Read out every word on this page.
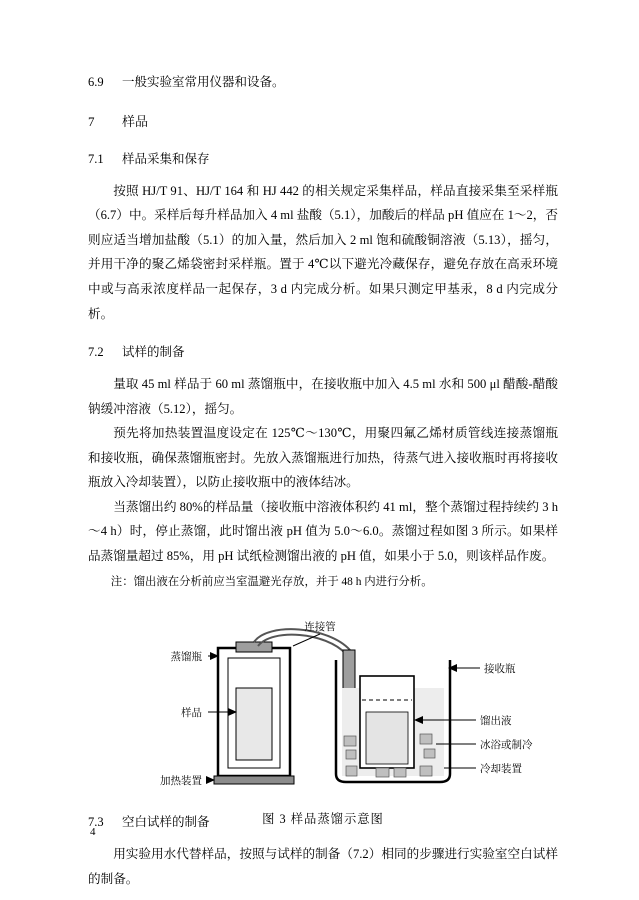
6.9 一般实验室常用仪器和设备。
7 样品
7.1 样品采集和保存

按照 HJ/T 91、HJ/T 164 和 HJ 442 的相关规定采集样品，样品直接采集至采样瓶（6.7）中。采样后每升样品加入 4 ml 盐酸（5.1），加酸后的样品 pH 值应在 1～2，否则应适当增加盐酸（5.1）的加入量，然后加入 2 ml 饱和硫酸铜溶液（5.13），摇匀，并用干净的聚乙烯袋密封采样瓶。置于 4℃以下避光冷藏保存，避免存放在高汞环境中或与高汞浓度样品一起保存，3 d 内完成分析。如果只测定甲基汞，8 d 内完成分析。

7.2 试样的制备

量取 45 ml 样品于 60 ml 蒸馏瓶中，在接收瓶中加入 4.5 ml 水和 500 μl 醋酸-醋酸钠缓冲溶液（5.12），摇匀。

预先将加热装置温度设定在 125℃～130℃，用聚四氟乙烯材质管线连接蒸馏瓶和接收瓶，确保蒸馏瓶密封。先放入蒸馏瓶进行加热，待蒸气进入接收瓶时再将接收瓶放入冷却装置），以防止接收瓶中的液体结冰。

当蒸馏出约 80%的样品量（接收瓶中溶液体积约 41 ml，整个蒸馏过程持续约 3 h～4 h）时，停止蒸馏，此时馏出液 pH 值为 5.0～6.0。蒸馏过程如图 3 所示。如果样品蒸馏量超过 85%，用 pH 试纸检测馏出液的 pH 值，如果小于 5.0，则该样品作废。

注：馏出液在分析前应当室温避光存放，并于 48 h 内进行分析。

连接管
蒸馏瓶
接收瓶
样品
馏出液
冰浴或制冷
冷却装置
加热装置
图 3 样品蒸馏示意图
7.3 空白试样的制备

用实验用水代替样品，按照与试样的制备（7.2）相同的步骤进行实验室空白试样的制备。

4
